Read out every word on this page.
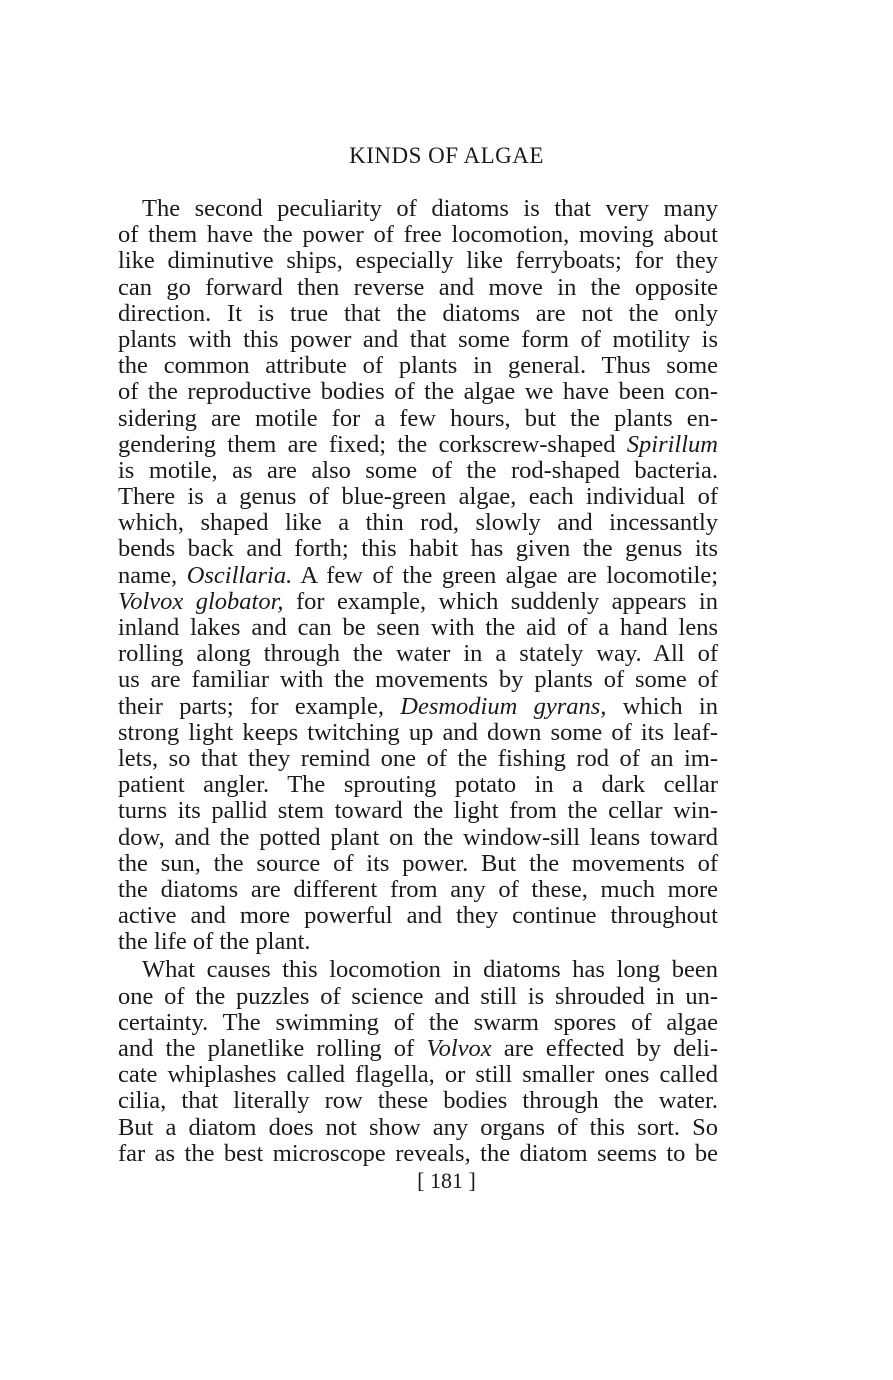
KINDS OF ALGAE
The second peculiarity of diatoms is that very many
of them have the power of free locomotion, moving about
like diminutive ships, especially like ferryboats; for they
can go forward then reverse and move in the opposite
direction. It is true that the diatoms are not the only
plants with this power and that some form of motility is
the common attribute of plants in general. Thus some
of the reproductive bodies of the algae we have been con-
sidering are motile for a few hours, but the plants en-
gendering them are fixed; the corkscrew-shaped Spirillum
is motile, as are also some of the rod-shaped bacteria.
There is a genus of blue-green algae, each individual of
which, shaped like a thin rod, slowly and incessantly
bends back and forth; this habit has given the genus its
name, Oscillaria. A few of the green algae are locomotile;
Volvox globator, for example, which suddenly appears in
inland lakes and can be seen with the aid of a hand lens
rolling along through the water in a stately way. All of
us are familiar with the movements by plants of some of
their parts; for example, Desmodium gyrans, which in
strong light keeps twitching up and down some of its leaf-
lets, so that they remind one of the fishing rod of an im-
patient angler. The sprouting potato in a dark cellar
turns its pallid stem toward the light from the cellar win-
dow, and the potted plant on the window-sill leans toward
the sun, the source of its power. But the movements of
the diatoms are different from any of these, much more
active and more powerful and they continue throughout
the life of the plant.
What causes this locomotion in diatoms has long been
one of the puzzles of science and still is shrouded in un-
certainty. The swimming of the swarm spores of algae
and the planetlike rolling of Volvox are effected by deli-
cate whiplashes called flagella, or still smaller ones called
cilia, that literally row these bodies through the water.
But a diatom does not show any organs of this sort. So
far as the best microscope reveals, the diatom seems to be
[ 181 ]
